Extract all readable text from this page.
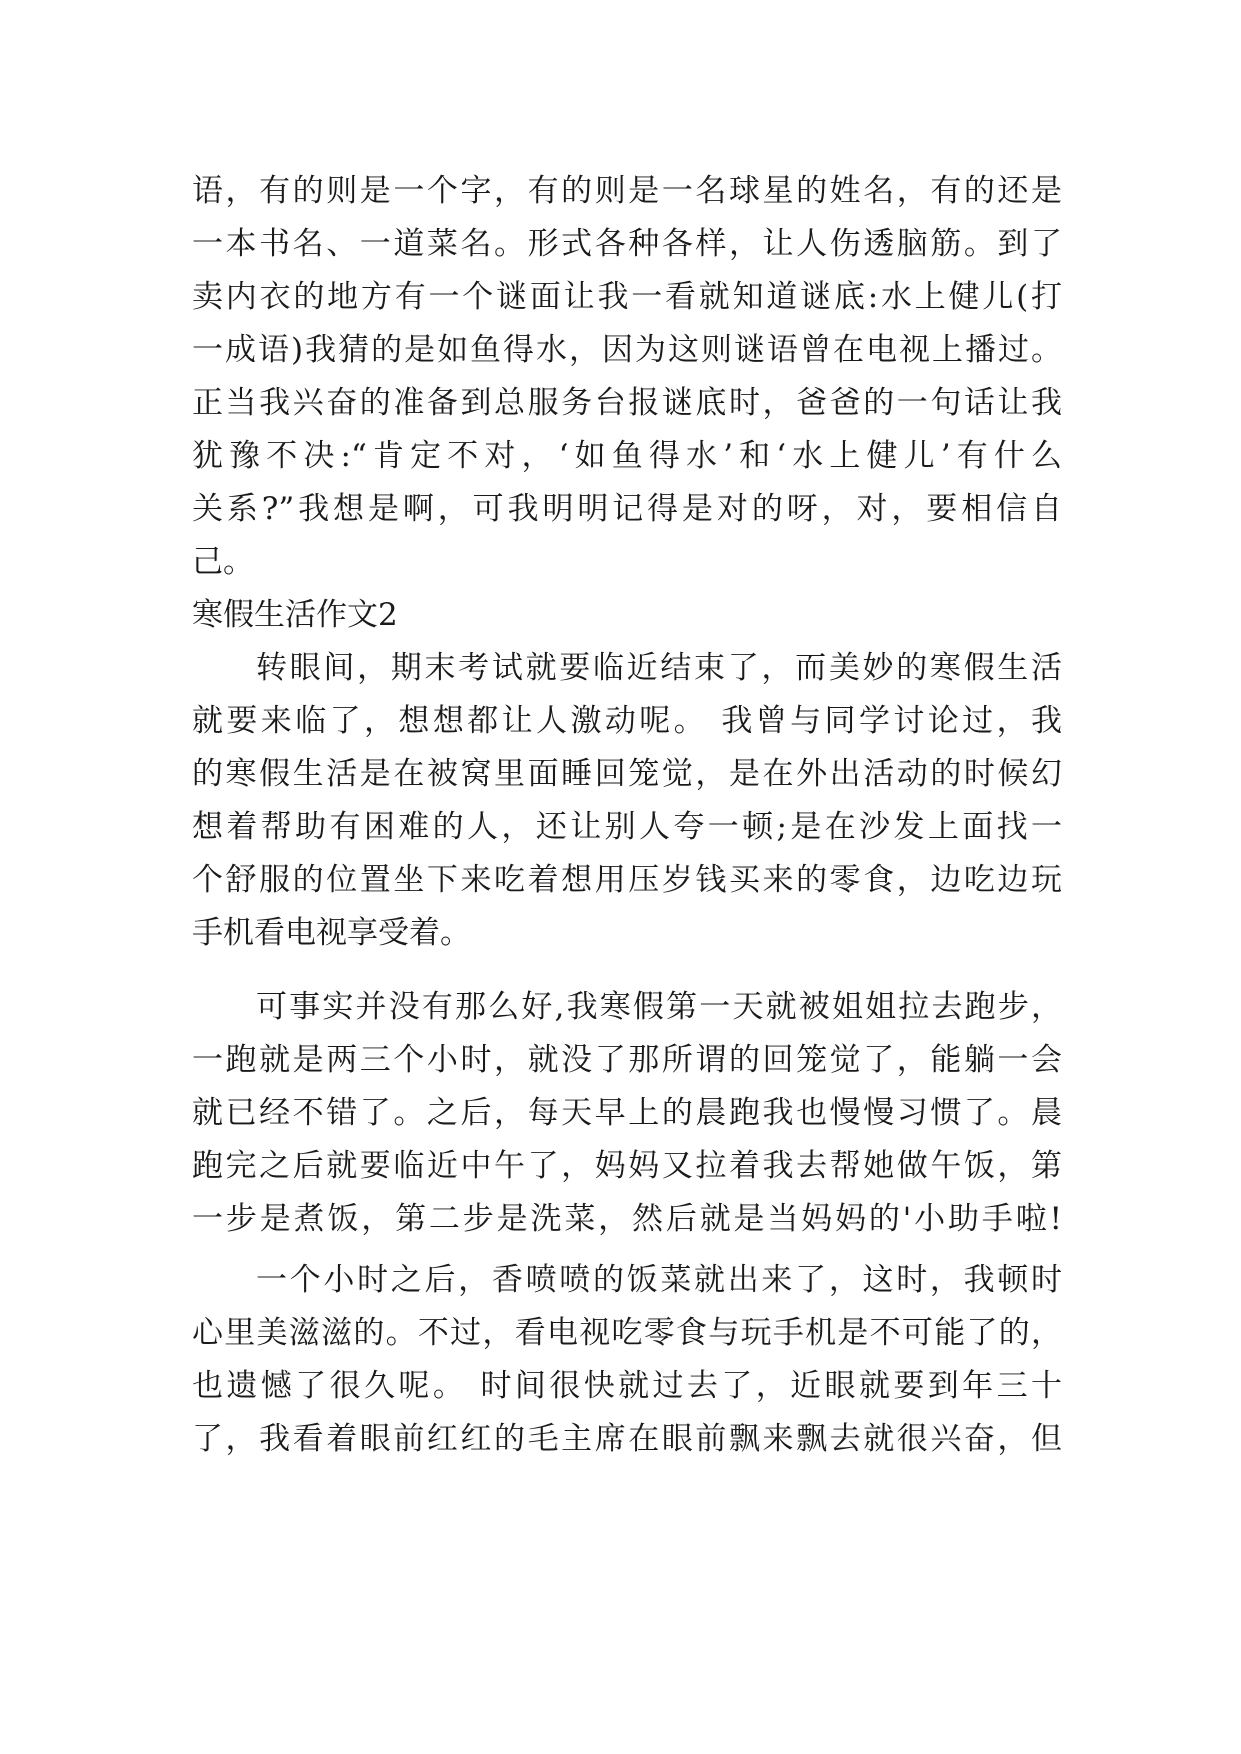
语，有的则是一个字，有的则是一名球星的姓名，有的还是
一本书名、一道菜名。形式各种各样，让人伤透脑筋。到了
卖内衣的地方有一个谜面让我一看就知道谜底:水上健儿(打
一成语)我猜的是如鱼得水，因为这则谜语曾在电视上播过。
正当我兴奋的准备到总服务台报谜底时，爸爸的一句话让我
犹豫不决:“肯定不对，‘如鱼得水’和‘水上健儿’有什么
关系?”我想是啊，可我明明记得是对的呀，对，要相信自
己。
寒假生活作文2
转眼间，期末考试就要临近结束了，而美妙的寒假生活
就要来临了，想想都让人激动呢。 我曾与同学讨论过，我
的寒假生活是在被窝里面睡回笼觉，是在外出活动的时候幻
想着帮助有困难的人，还让别人夸一顿;是在沙发上面找一
个舒服的位置坐下来吃着想用压岁钱买来的零食，边吃边玩
手机看电视享受着。
可事实并没有那么好,我寒假第一天就被姐姐拉去跑步，
一跑就是两三个小时，就没了那所谓的回笼觉了，能躺一会
就已经不错了。之后，每天早上的晨跑我也慢慢习惯了。晨
跑完之后就要临近中午了，妈妈又拉着我去帮她做午饭，第
一步是煮饭，第二步是洗菜，然后就是当妈妈的'小助手啦!
一个小时之后，香喷喷的饭菜就出来了，这时，我顿时
心里美滋滋的。不过，看电视吃零食与玩手机是不可能了的，
也遗憾了很久呢。 时间很快就过去了，近眼就要到年三十
了，我看着眼前红红的毛主席在眼前飘来飘去就很兴奋，但
